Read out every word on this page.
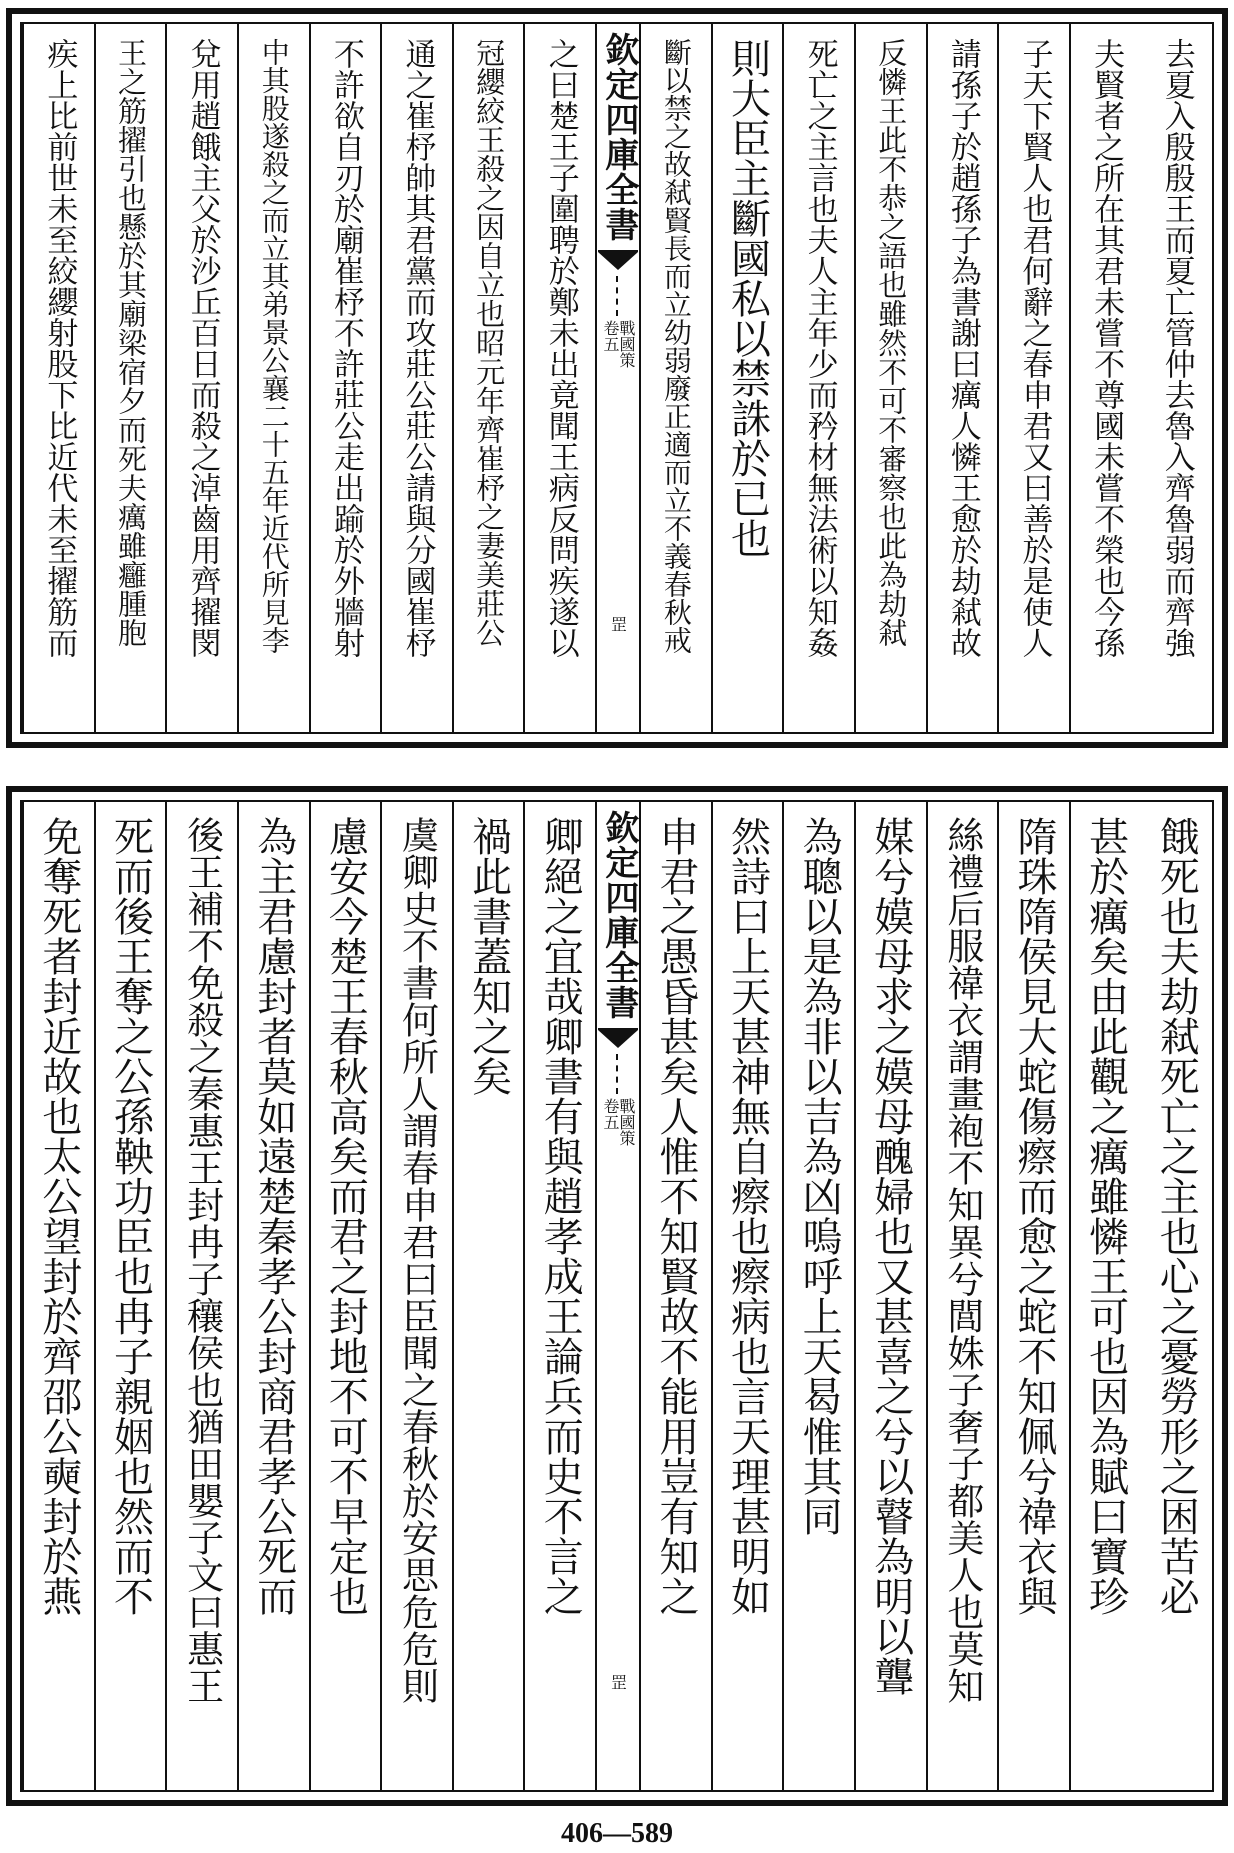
去夏入殷殷王而夏亡管仲去魯入齊魯弱而齊強
夫賢者之所在其君未嘗不尊國未嘗不榮也今孫
子天下賢人也君何辭之春申君又曰善於是使人
請孫子於趙孫子為書謝曰癘人憐王愈於劫弒故
反憐王此不恭之語也雖然不可不審察也此為劫弒
死亡之主言也夫人主年少而矜材無法術以知姦
則大臣主斷國私以禁誅於已也
斷以禁之故弒賢長而立幼弱廢正適而立不義春秋戒
欽定四庫全書
戰國策
卷五
罡
之曰楚王子圍聘於鄭未出竟聞王病反問疾遂以
冠纓絞王殺之因自立也昭元年齊崔杼之妻美莊公
通之崔杼帥其君黨而攻莊公莊公請與分國崔杼
不許欲自刃於廟崔杼不許莊公走出踰於外牆射
中其股遂殺之而立其弟景公襄二十五年近代所見李
兌用趙餓主父於沙丘百日而殺之淖齒用齊擢閔
王之筋擢引也懸於其廟梁宿夕而死夫癘雖癰腫胞
疾上比前世未至絞纓射股下比近代未至擢筋而
餓死也夫劫弒死亡之主也心之憂勞形之困苦必
甚於癘矣由此觀之癘雖憐王可也因為賦曰寶珍
隋珠隋侯見大蛇傷瘵而愈之蛇不知佩兮禕衣與
絲禮后服禕衣謂畫袍不知異兮閭姝子奢子都美人也莫知
媒兮嫫母求之嫫母醜婦也又甚喜之兮以瞽為明以聾
為聰以是為非以吉為凶嗚呼上天曷惟其同
然詩曰上天甚神無自瘵也瘵病也言天理甚明如
申君之愚昏甚矣人惟不知賢故不能用豈有知之
欽定四庫全書
戰國策
卷五
罡
卿絕之宜哉卿書有與趙孝成王論兵而史不言之
禍此書蓋知之矣
虞卿史不書何所人謂春申君曰臣聞之春秋於安思危危則
慮安今楚王春秋高矣而君之封地不可不早定也
為主君慮封者莫如遠楚秦孝公封商君孝公死而
後王補不免殺之秦惠王封冉子穰侯也猶田嬰子文曰惠王
死而後王奪之公孫鞅功臣也冉子親姻也然而不
免奪死者封近故也太公望封於齊邵公奭封於燕
406—589
